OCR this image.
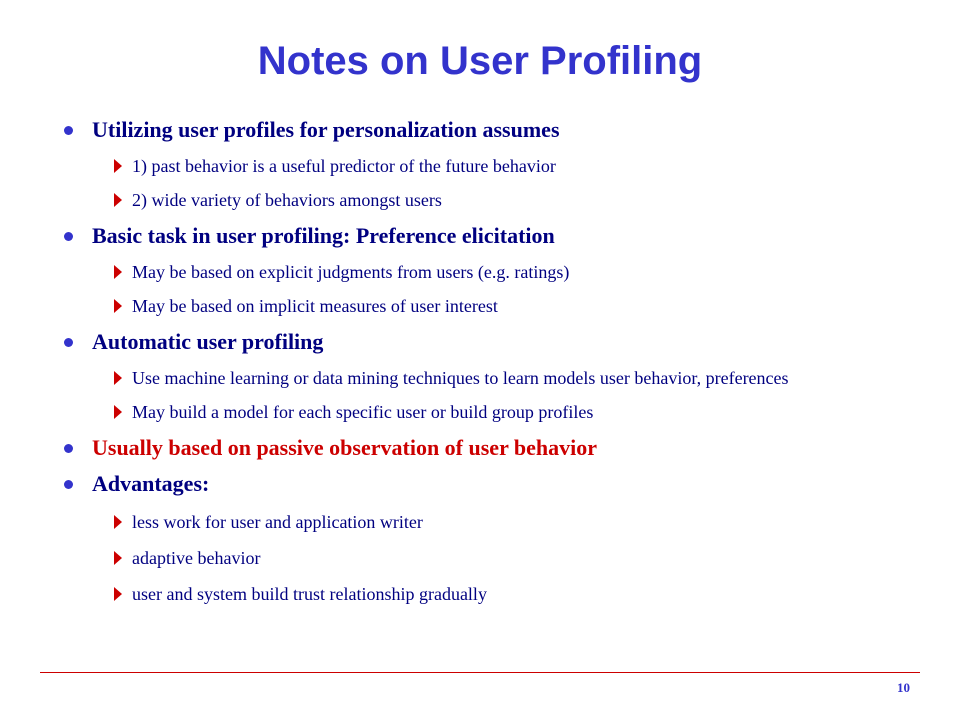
Notes on User Profiling
Utilizing user profiles for personalization assumes
1) past behavior is a useful predictor of the future behavior
2) wide variety of behaviors amongst users
Basic task in user profiling: Preference elicitation
May be based on explicit judgments from users (e.g. ratings)
May be based on implicit measures of user interest
Automatic user profiling
Use machine learning or data mining techniques to learn models user behavior, preferences
May build a model for each specific user or build group profiles
Usually based on passive observation of user behavior
Advantages:
less work for user and application writer
adaptive behavior
user and system build trust relationship gradually
10
